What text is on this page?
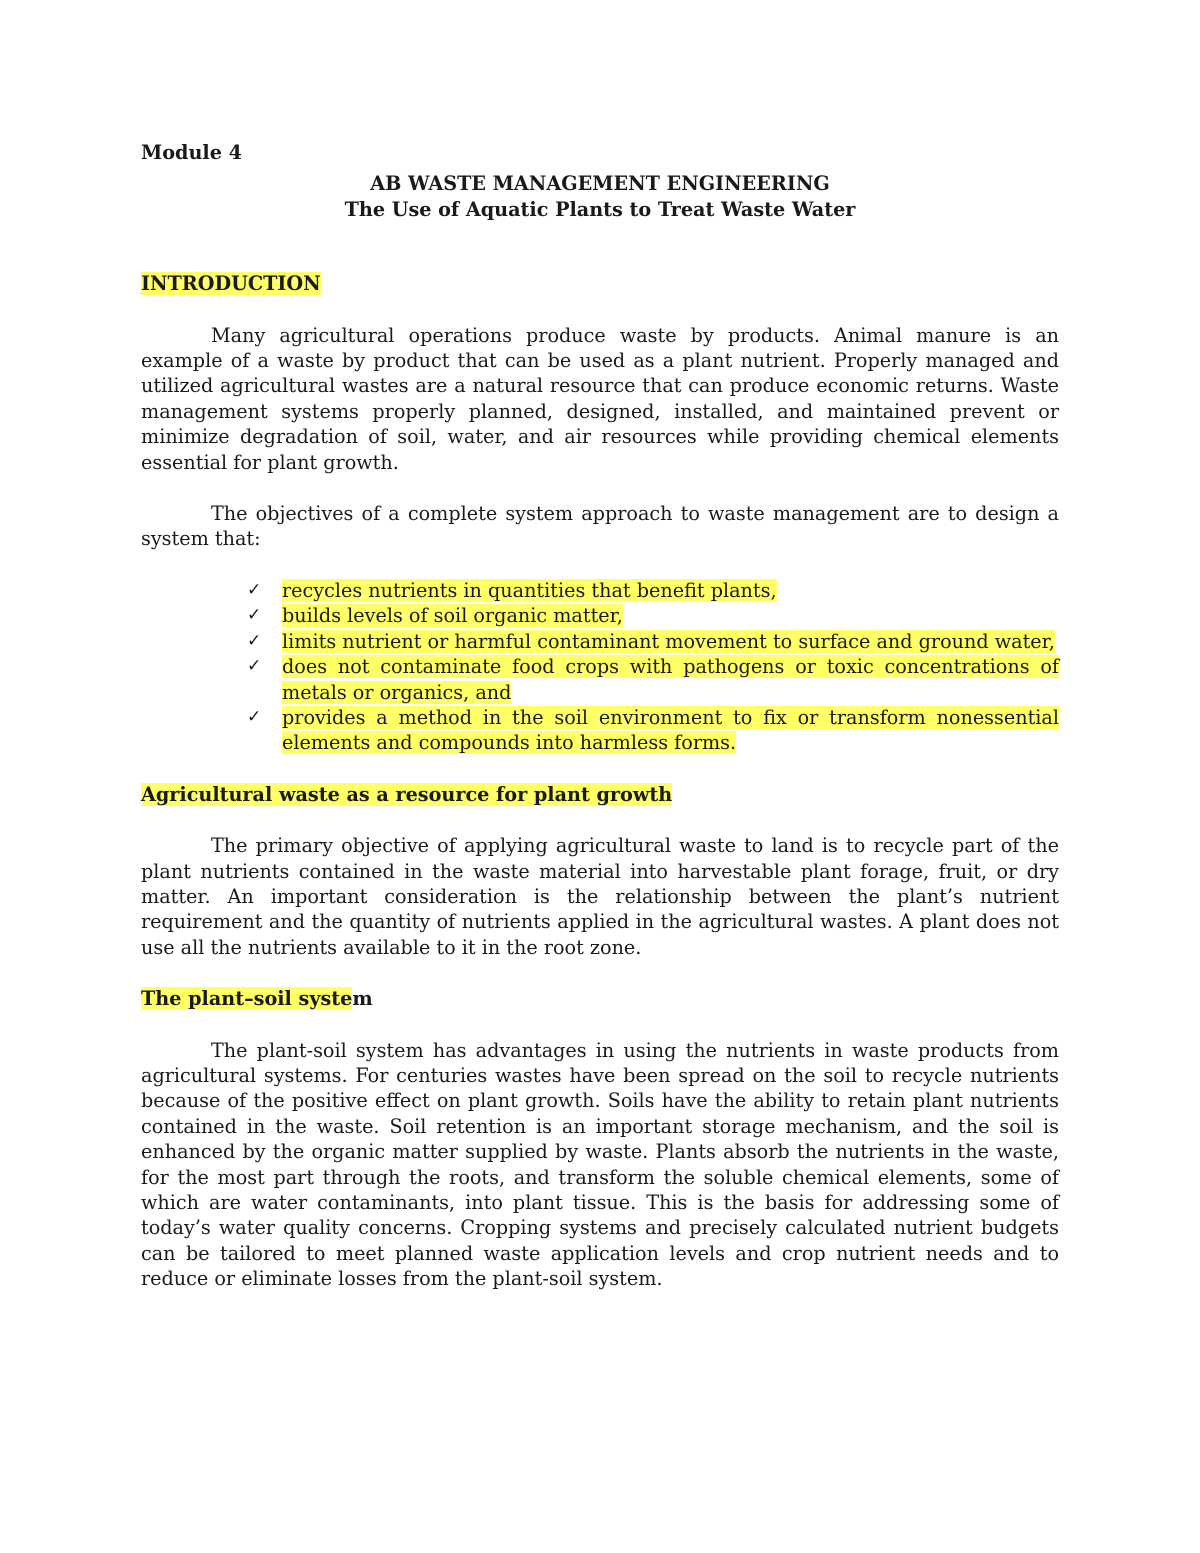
Module 4
AB WASTE MANAGEMENT ENGINEERING
The Use of Aquatic Plants to Treat Waste Water
INTRODUCTION

Many agricultural operations produce waste by products. Animal manure is an example of a waste by product that can be used as a plant nutrient. Properly managed and utilized agricultural wastes are a natural resource that can produce economic returns. Waste management systems properly planned, designed, installed, and maintained prevent or minimize degradation of soil, water, and air resources while providing chemical elements essential for plant growth.

The objectives of a complete system approach to waste management are to design a system that:

✓ recycles nutrients in quantities that benefit plants,
✓ builds levels of soil organic matter,
✓ limits nutrient or harmful contaminant movement to surface and ground water,
✓ does not contaminate food crops with pathogens or toxic concentrations of metals or organics, and
✓ provides a method in the soil environment to fix or transform nonessential elements and compounds into harmless forms.
Agricultural waste as a resource for plant growth

The primary objective of applying agricultural waste to land is to recycle part of the plant nutrients contained in the waste material into harvestable plant forage, fruit, or dry matter. An important consideration is the relationship between the plant’s nutrient requirement and the quantity of nutrients applied in the agricultural wastes. A plant does not use all the nutrients available to it in the root zone.

The plant–soil system

The plant-soil system has advantages in using the nutrients in waste products from agricultural systems. For centuries wastes have been spread on the soil to recycle nutrients because of the positive effect on plant growth. Soils have the ability to retain plant nutrients contained in the waste. Soil retention is an important storage mechanism, and the soil is enhanced by the organic matter supplied by waste. Plants absorb the nutrients in the waste, for the most part through the roots, and transform the soluble chemical elements, some of which are water contaminants, into plant tissue. This is the basis for addressing some of today’s water quality concerns. Cropping systems and precisely calculated nutrient budgets can be tailored to meet planned waste application levels and crop nutrient needs and to reduce or eliminate losses from the plant-soil system.
